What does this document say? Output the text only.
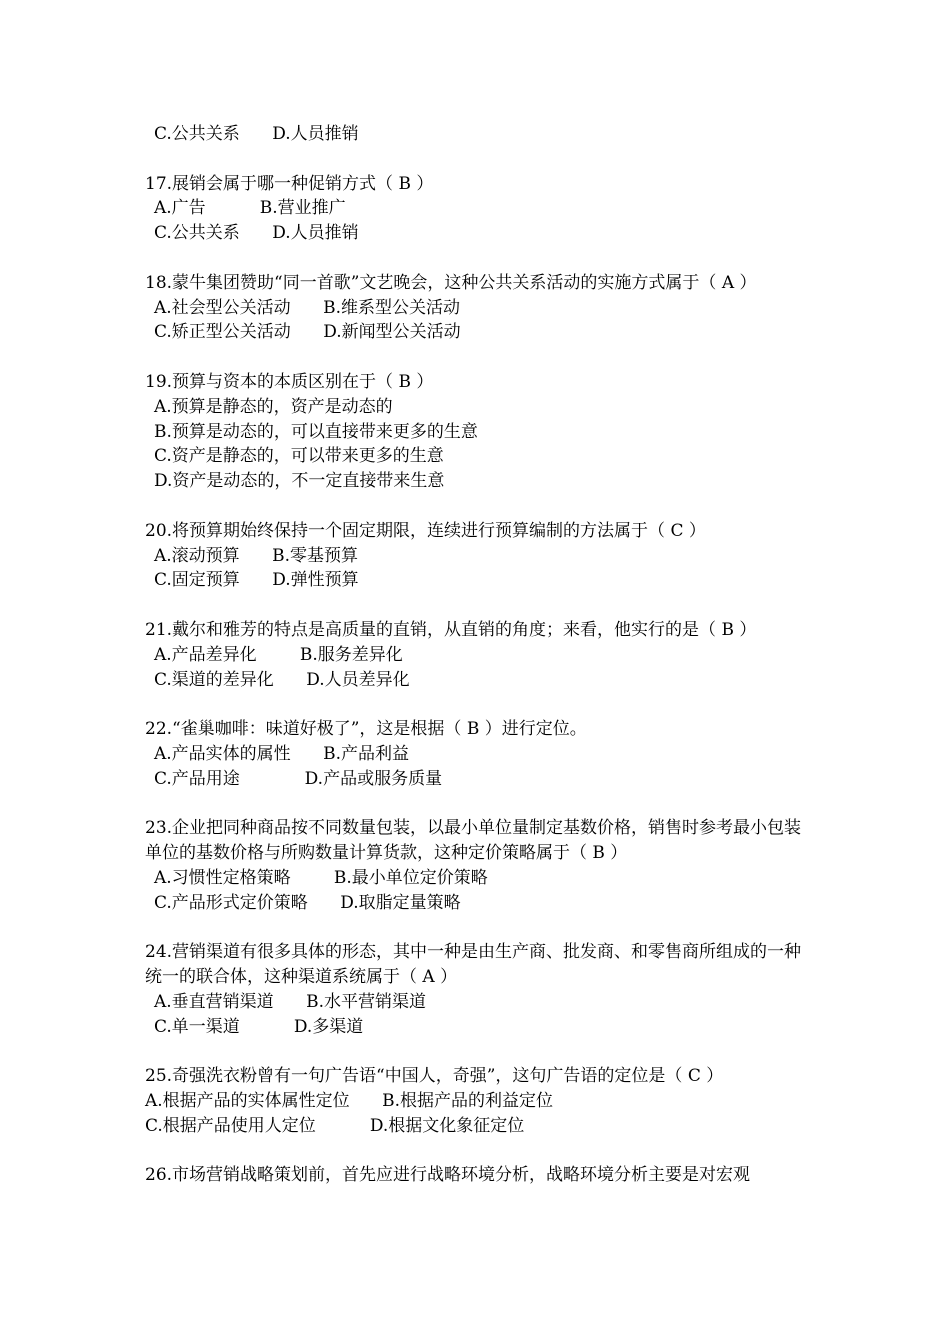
C.公共关系      D.人员推销
17.展销会属于哪一种促销方式（ B ）
A.广告          B.营业推广
C.公共关系      D.人员推销
18.蒙牛集团赞助“同一首歌”文艺晚会，这种公共关系活动的实施方式属于（ A ）
A.社会型公关活动      B.维系型公关活动
C.矫正型公关活动      D.新闻型公关活动
19.预算与资本的本质区别在于（ B ）
A.预算是静态的，资产是动态的
B.预算是动态的，可以直接带来更多的生意
C.资产是静态的，可以带来更多的生意
D.资产是动态的，不一定直接带来生意
20.将预算期始终保持一个固定期限，连续进行预算编制的方法属于（ C ）
A.滚动预算      B.零基预算
C.固定预算      D.弹性预算
21.戴尔和雅芳的特点是高质量的直销，从直销的角度；来看，他实行的是（ B ）
A.产品差异化        B.服务差异化
C.渠道的差异化      D.人员差异化
22.“雀巢咖啡：味道好极了”，这是根据（ B ）进行定位。
A.产品实体的属性      B.产品利益
C.产品用途            D.产品或服务质量
23.企业把同种商品按不同数量包装，以最小单位量制定基数价格，销售时参考最小包装单位的基数价格与所购数量计算货款，这种定价策略属于（ B ）
A.习惯性定格策略        B.最小单位定价策略
C.产品形式定价策略      D.取脂定量策略
24.营销渠道有很多具体的形态，其中一种是由生产商、批发商、和零售商所组成的一种统一的联合体，这种渠道系统属于（ A ）
A.垂直营销渠道      B.水平营销渠道
C.单一渠道          D.多渠道
25.奇强洗衣粉曾有一句广告语“中国人，奇强”，这句广告语的定位是（ C ）
A.根据产品的实体属性定位      B.根据产品的利益定位
C.根据产品使用人定位          D.根据文化象征定位
26.市场营销战略策划前，首先应进行战略环境分析，战略环境分析主要是对宏观
